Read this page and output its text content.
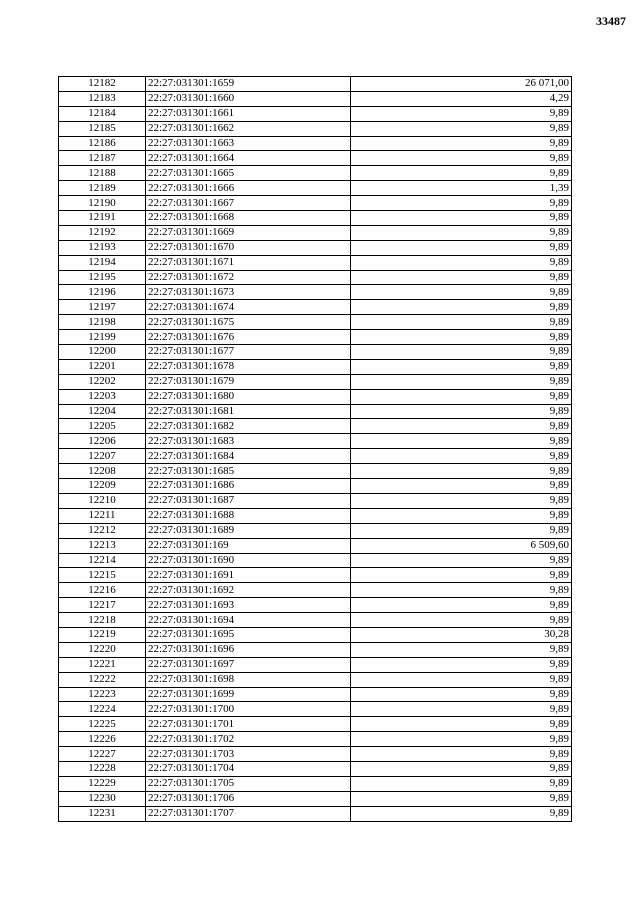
33487
12182	22:27:031301:1659	26 071,00
12183	22:27:031301:1660	4,29
12184	22:27:031301:1661	9,89
12185	22:27:031301:1662	9,89
12186	22:27:031301:1663	9,89
12187	22:27:031301:1664	9,89
12188	22:27:031301:1665	9,89
12189	22:27:031301:1666	1,39
12190	22:27:031301:1667	9,89
12191	22:27:031301:1668	9,89
12192	22:27:031301:1669	9,89
12193	22:27:031301:1670	9,89
12194	22:27:031301:1671	9,89
12195	22:27:031301:1672	9,89
12196	22:27:031301:1673	9,89
12197	22:27:031301:1674	9,89
12198	22:27:031301:1675	9,89
12199	22:27:031301:1676	9,89
12200	22:27:031301:1677	9,89
12201	22:27:031301:1678	9,89
12202	22:27:031301:1679	9,89
12203	22:27:031301:1680	9,89
12204	22:27:031301:1681	9,89
12205	22:27:031301:1682	9,89
12206	22:27:031301:1683	9,89
12207	22:27:031301:1684	9,89
12208	22:27:031301:1685	9,89
12209	22:27:031301:1686	9,89
12210	22:27:031301:1687	9,89
12211	22:27:031301:1688	9,89
12212	22:27:031301:1689	9,89
12213	22:27:031301:169	6 509,60
12214	22:27:031301:1690	9,89
12215	22:27:031301:1691	9,89
12216	22:27:031301:1692	9,89
12217	22:27:031301:1693	9,89
12218	22:27:031301:1694	9,89
12219	22:27:031301:1695	30,28
12220	22:27:031301:1696	9,89
12221	22:27:031301:1697	9,89
12222	22:27:031301:1698	9,89
12223	22:27:031301:1699	9,89
12224	22:27:031301:1700	9,89
12225	22:27:031301:1701	9,89
12226	22:27:031301:1702	9,89
12227	22:27:031301:1703	9,89
12228	22:27:031301:1704	9,89
12229	22:27:031301:1705	9,89
12230	22:27:031301:1706	9,89
12231	22:27:031301:1707	9,89
